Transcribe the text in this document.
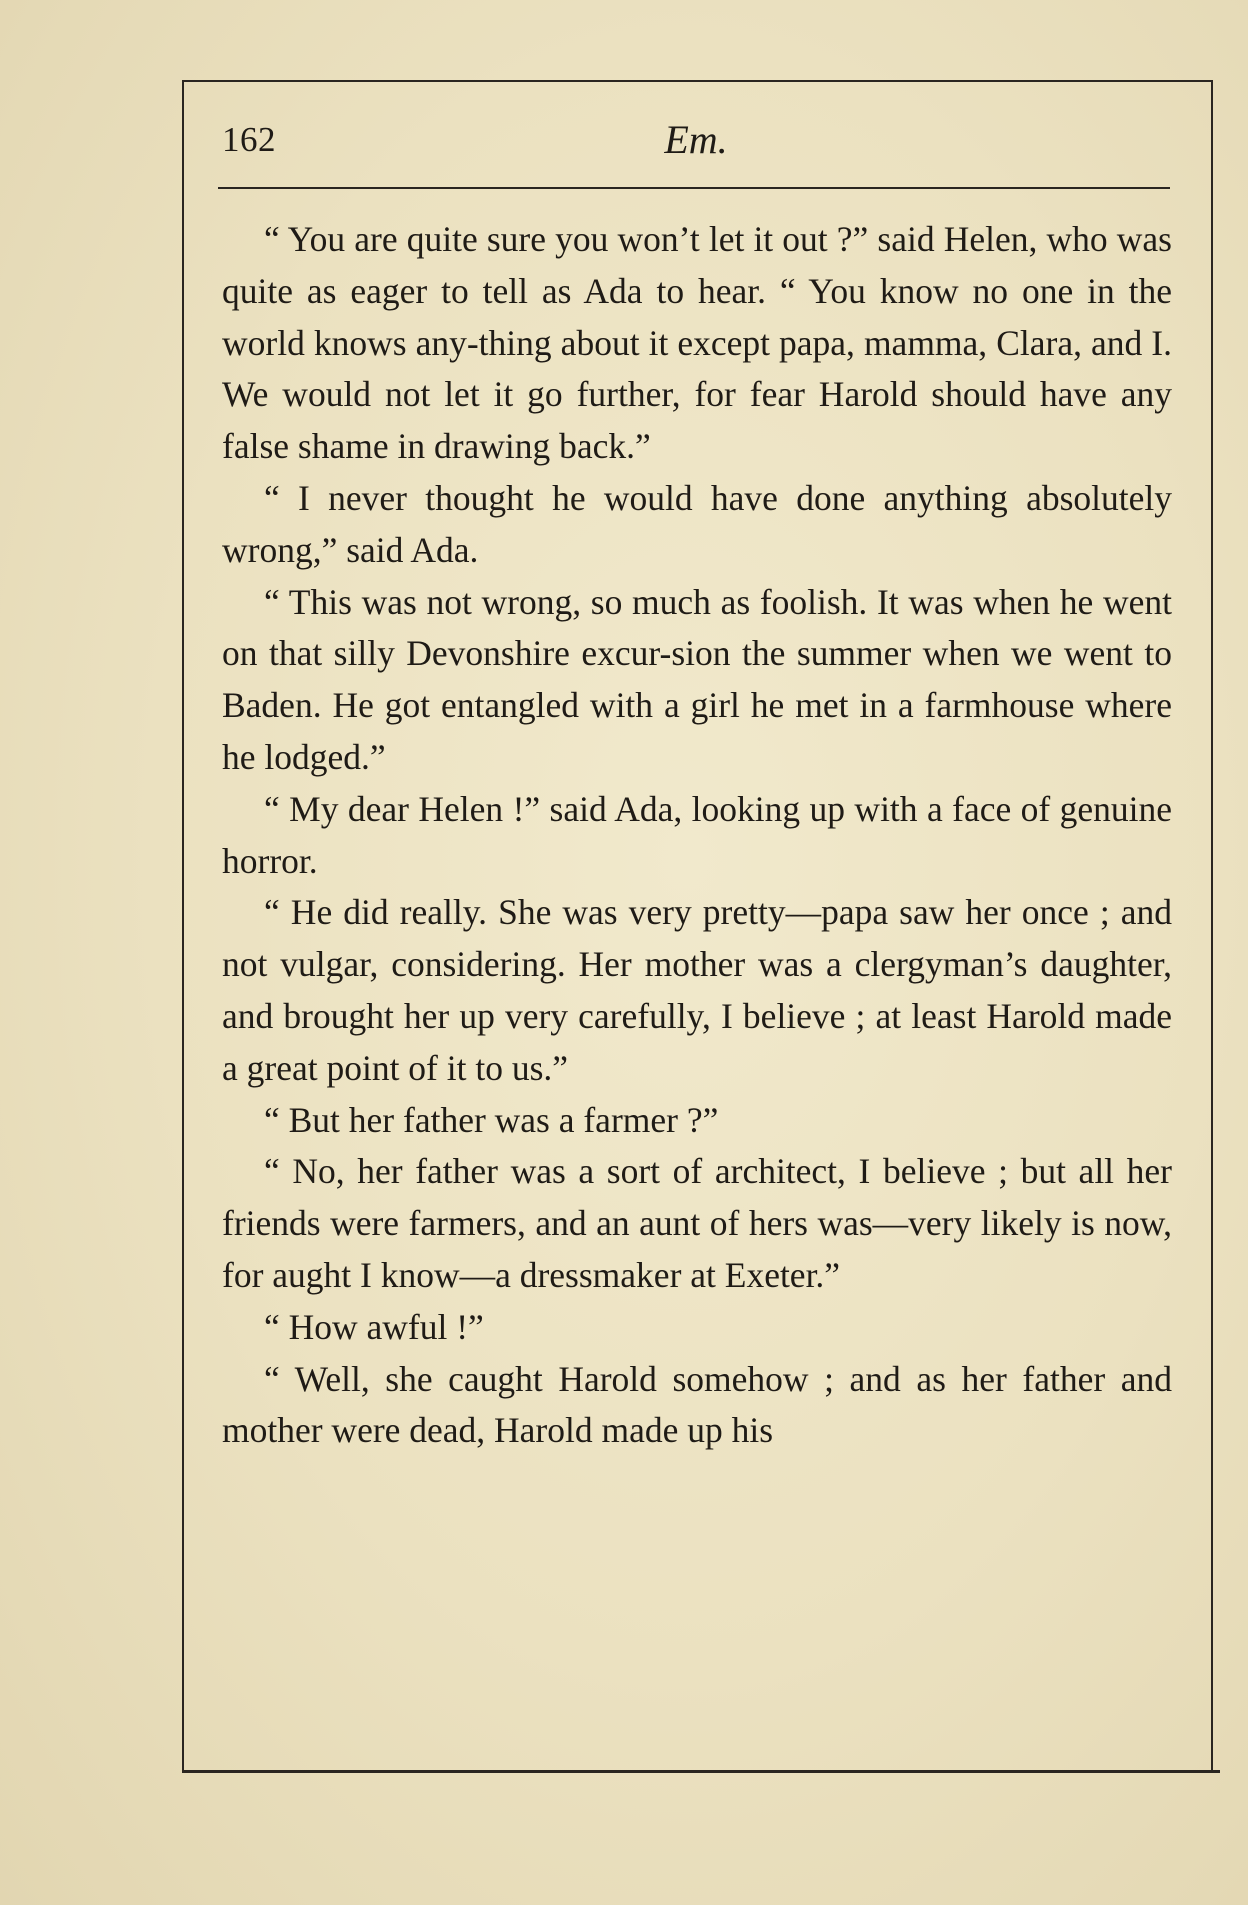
162	Em.

“ You are quite sure you won’t let it out ?” said Helen, who was quite as eager to tell as Ada to hear. “ You know no one in the world knows any-thing about it except papa, mamma, Clara, and I. We would not let it go further, for fear Harold should have any false shame in drawing back.”

“ I never thought he would have done anything absolutely wrong,” said Ada.

“ This was not wrong, so much as foolish. It was when he went on that silly Devonshire excur-sion the summer when we went to Baden. He got entangled with a girl he met in a farmhouse where he lodged.”

“ My dear Helen !” said Ada, looking up with a face of genuine horror.

“ He did really. She was very pretty—papa saw her once ; and not vulgar, considering. Her mother was a clergyman’s daughter, and brought her up very carefully, I believe ; at least Harold made a great point of it to us.”

“ But her father was a farmer ?”

“ No, her father was a sort of architect, I believe ; but all her friends were farmers, and an aunt of hers was—very likely is now, for aught I know—a dressmaker at Exeter.”

“ How awful !”

“ Well, she caught Harold somehow ; and as her father and mother were dead, Harold made up his
